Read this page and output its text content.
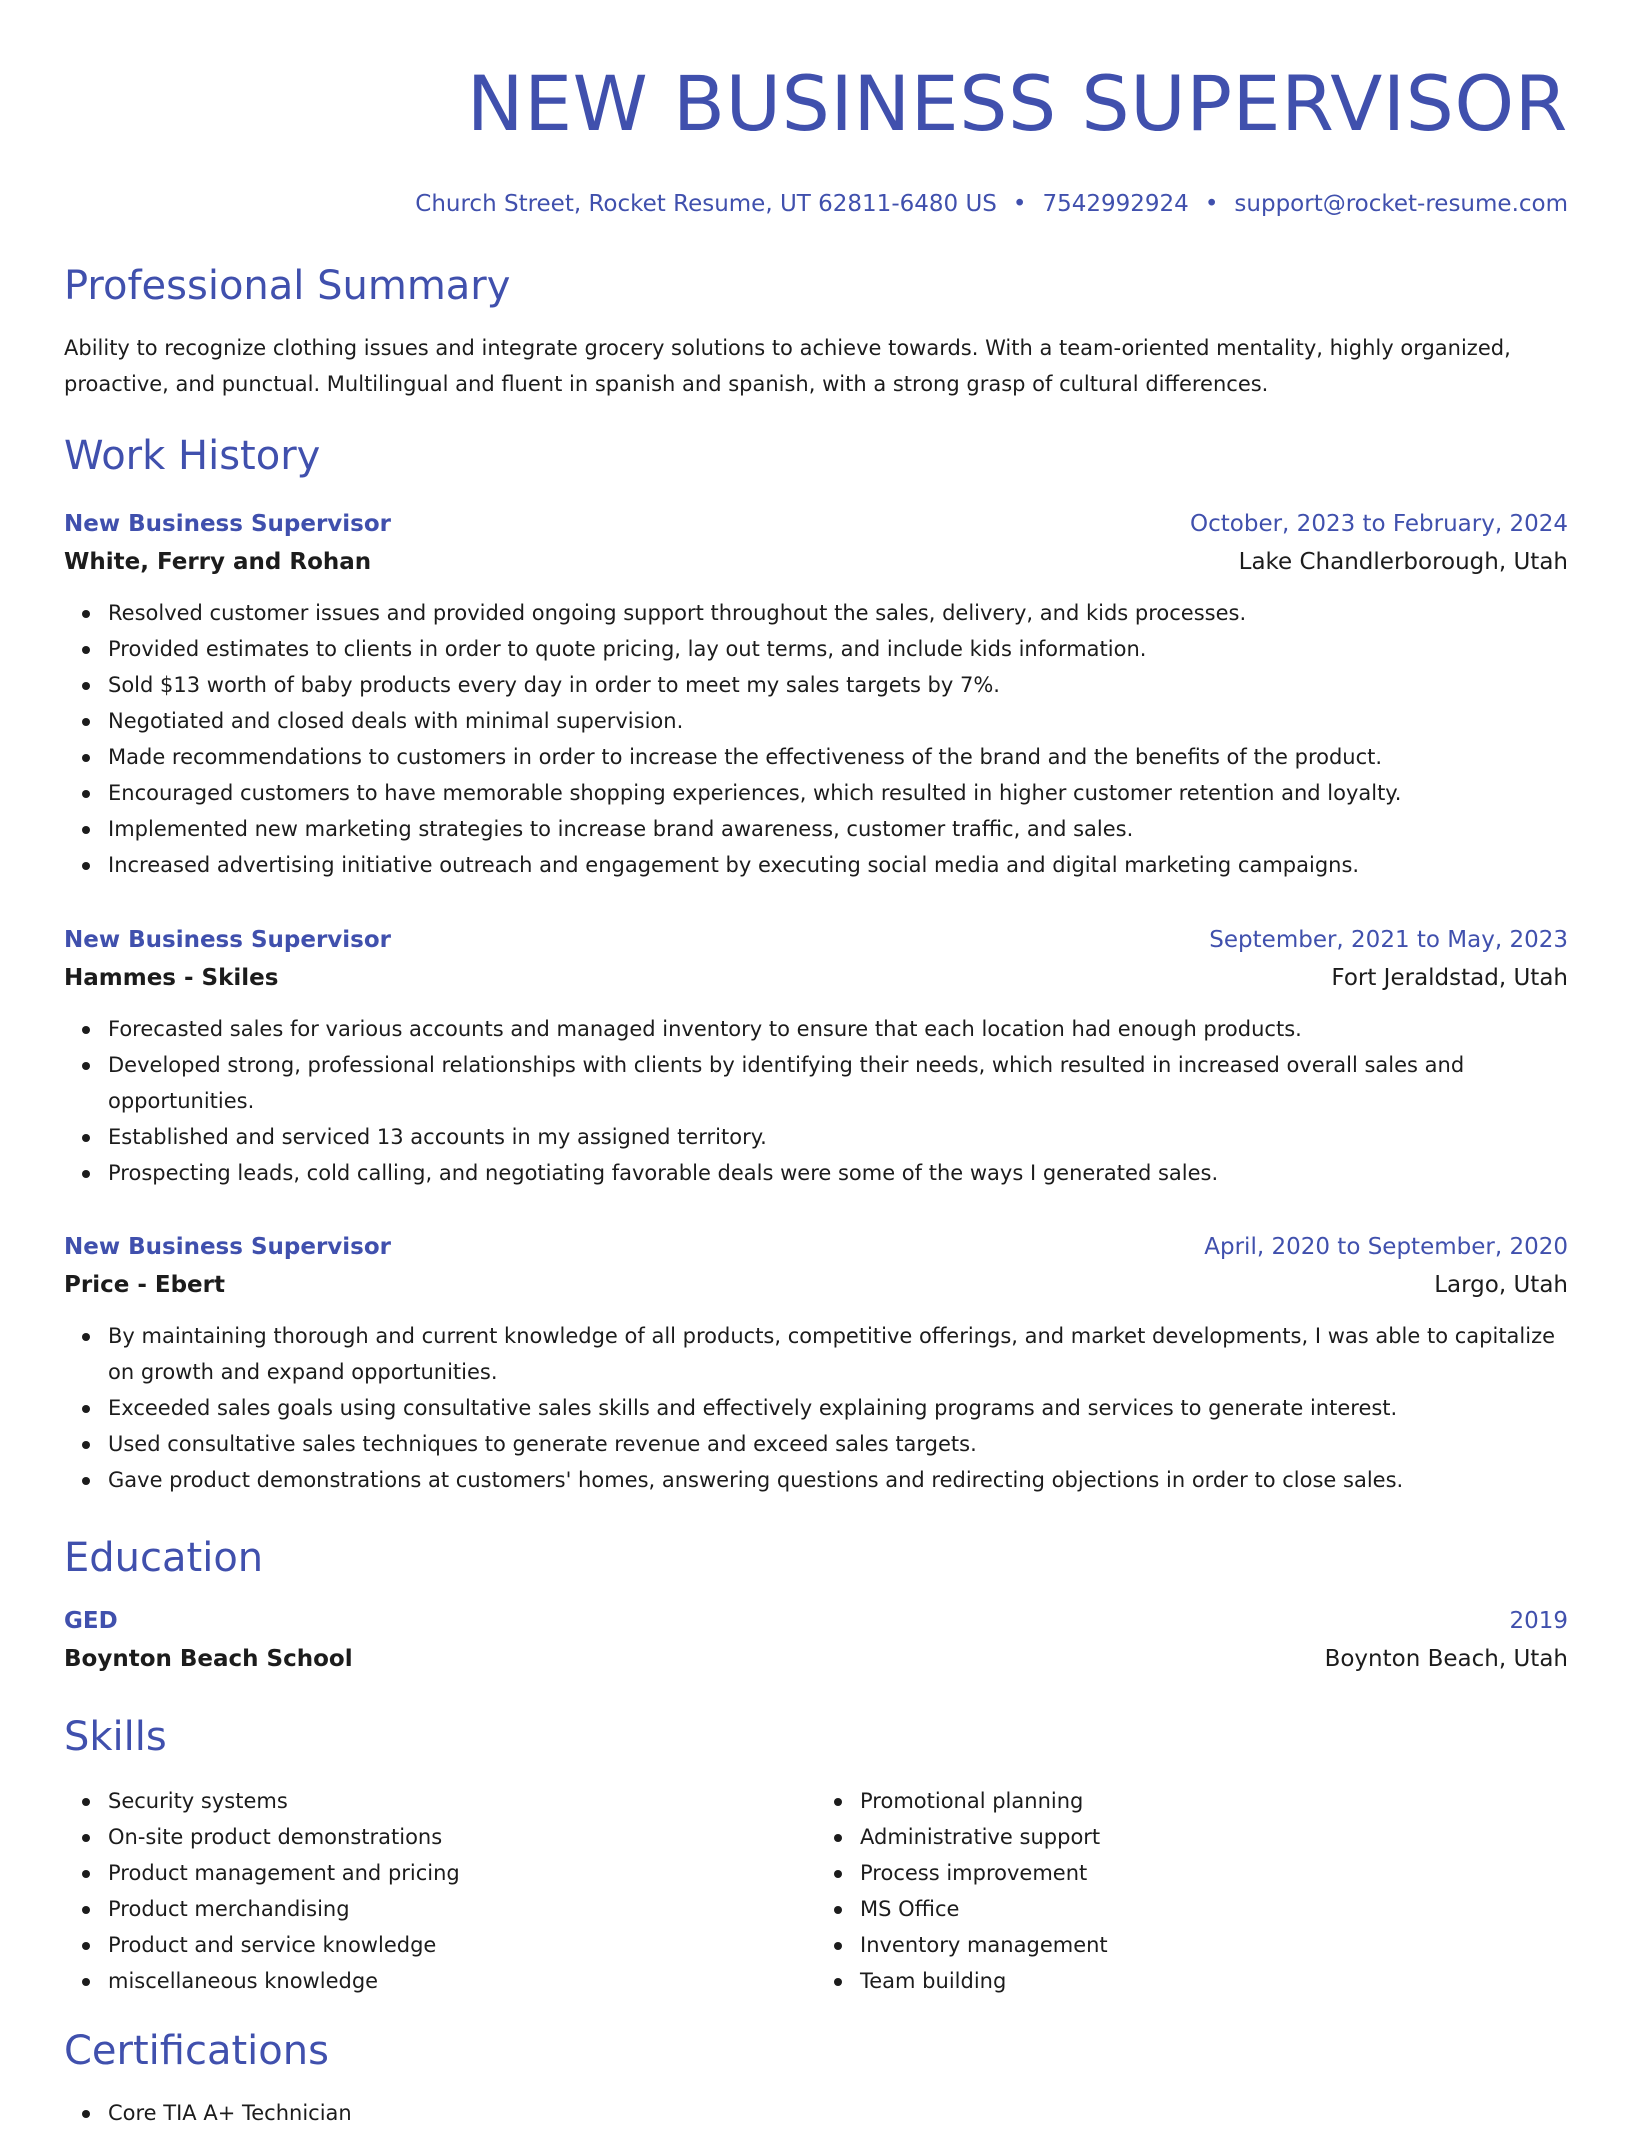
NEW BUSINESS SUPERVISOR
Church Street, Rocket Resume, UT 62811-6480 US • 7542992924 • support@rocket-resume.com
Professional Summary

Ability to recognize clothing issues and integrate grocery solutions to achieve towards. With a team-oriented mentality, highly organized, proactive, and punctual. Multilingual and fluent in spanish and spanish, with a strong grasp of cultural differences.

Work History
New Business Supervisor	October, 2023 to February, 2024
White, Ferry and Rohan	Lake Chandlerborough, Utah
Resolved customer issues and provided ongoing support throughout the sales, delivery, and kids processes.
Provided estimates to clients in order to quote pricing, lay out terms, and include kids information.
Sold $13 worth of baby products every day in order to meet my sales targets by 7%.
Negotiated and closed deals with minimal supervision.
Made recommendations to customers in order to increase the effectiveness of the brand and the benefits of the product.
Encouraged customers to have memorable shopping experiences, which resulted in higher customer retention and loyalty.
Implemented new marketing strategies to increase brand awareness, customer traffic, and sales.
Increased advertising initiative outreach and engagement by executing social media and digital marketing campaigns.
New Business Supervisor	September, 2021 to May, 2023
Hammes - Skiles	Fort Jeraldstad, Utah
Forecasted sales for various accounts and managed inventory to ensure that each location had enough products.
Developed strong, professional relationships with clients by identifying their needs, which resulted in increased overall sales and opportunities.
Established and serviced 13 accounts in my assigned territory.
Prospecting leads, cold calling, and negotiating favorable deals were some of the ways I generated sales.
New Business Supervisor	April, 2020 to September, 2020
Price - Ebert	Largo, Utah
By maintaining thorough and current knowledge of all products, competitive offerings, and market developments, I was able to capitalize on growth and expand opportunities.
Exceeded sales goals using consultative sales skills and effectively explaining programs and services to generate interest.
Used consultative sales techniques to generate revenue and exceed sales targets.
Gave product demonstrations at customers' homes, answering questions and redirecting objections in order to close sales.
Education
GED	2019
Boynton Beach School	Boynton Beach, Utah
Skills
Security systems
On-site product demonstrations
Product management and pricing
Product merchandising
Product and service knowledge
miscellaneous knowledge
Promotional planning
Administrative support
Process improvement
MS Office
Inventory management
Team building
Certifications
Core TIA A+ Technician
